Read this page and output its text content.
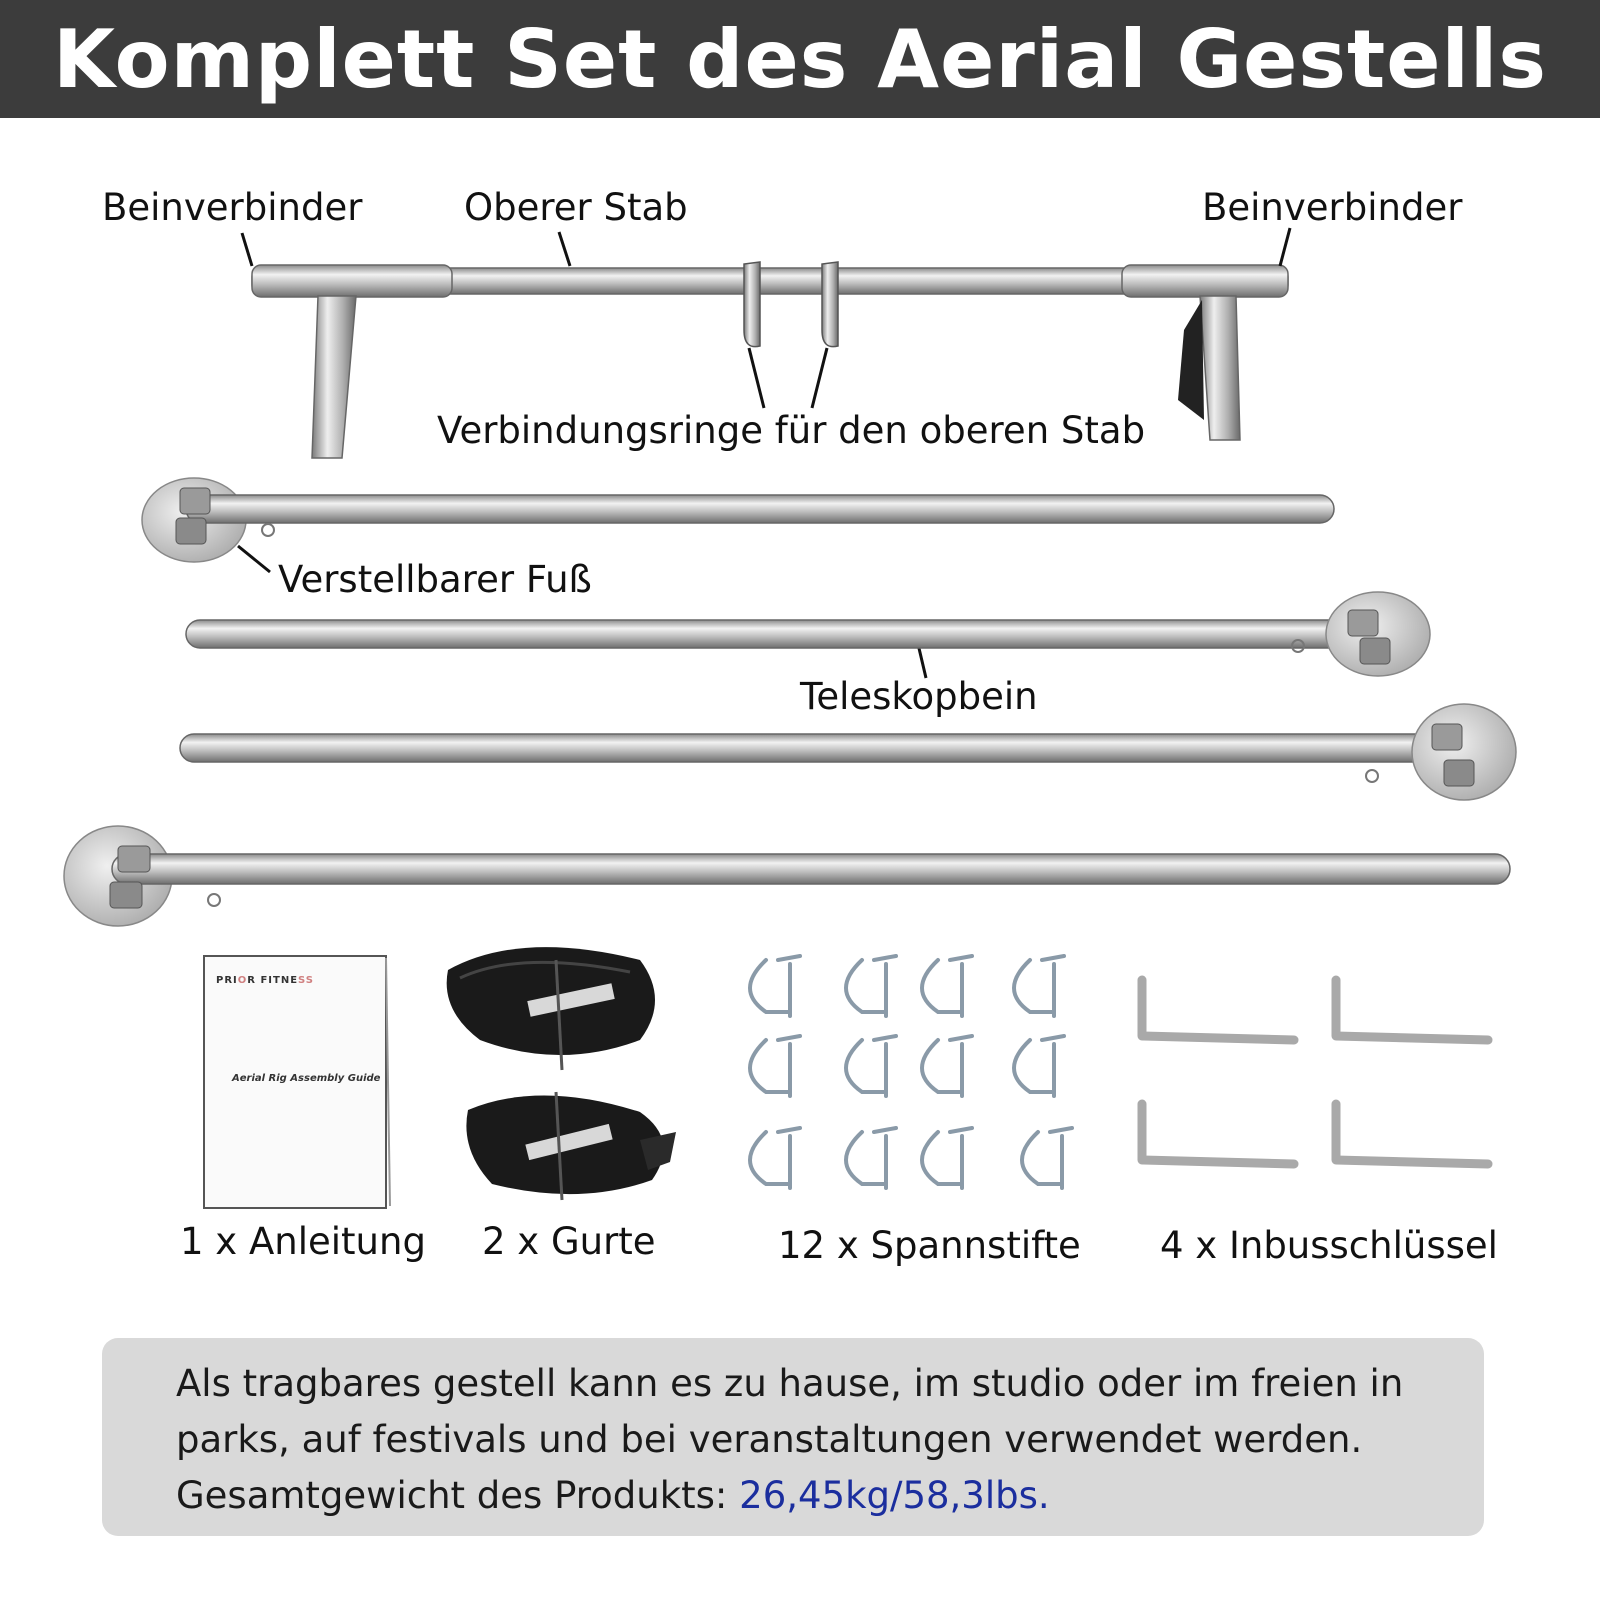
Komplett Set des Aerial Gestells
Beinverbinder	Oberer Stab	Beinverbinder
Verbindungsringe für den oberen Stab
Verstellbarer Fuß
Teleskopbein
PRIOR FITNESS
Aerial Rig Assembly Guide
1 x Anleitung 2 x Gurte	12 x Spannstifte 4 x Inbusschlüssel
Als tragbares gestell kann es zu hause, im studio oder im freien in
parks, auf festivals und bei veranstaltungen verwendet werden.
Gesamtgewicht des Produkts: 26,45kg/58,3lbs.
